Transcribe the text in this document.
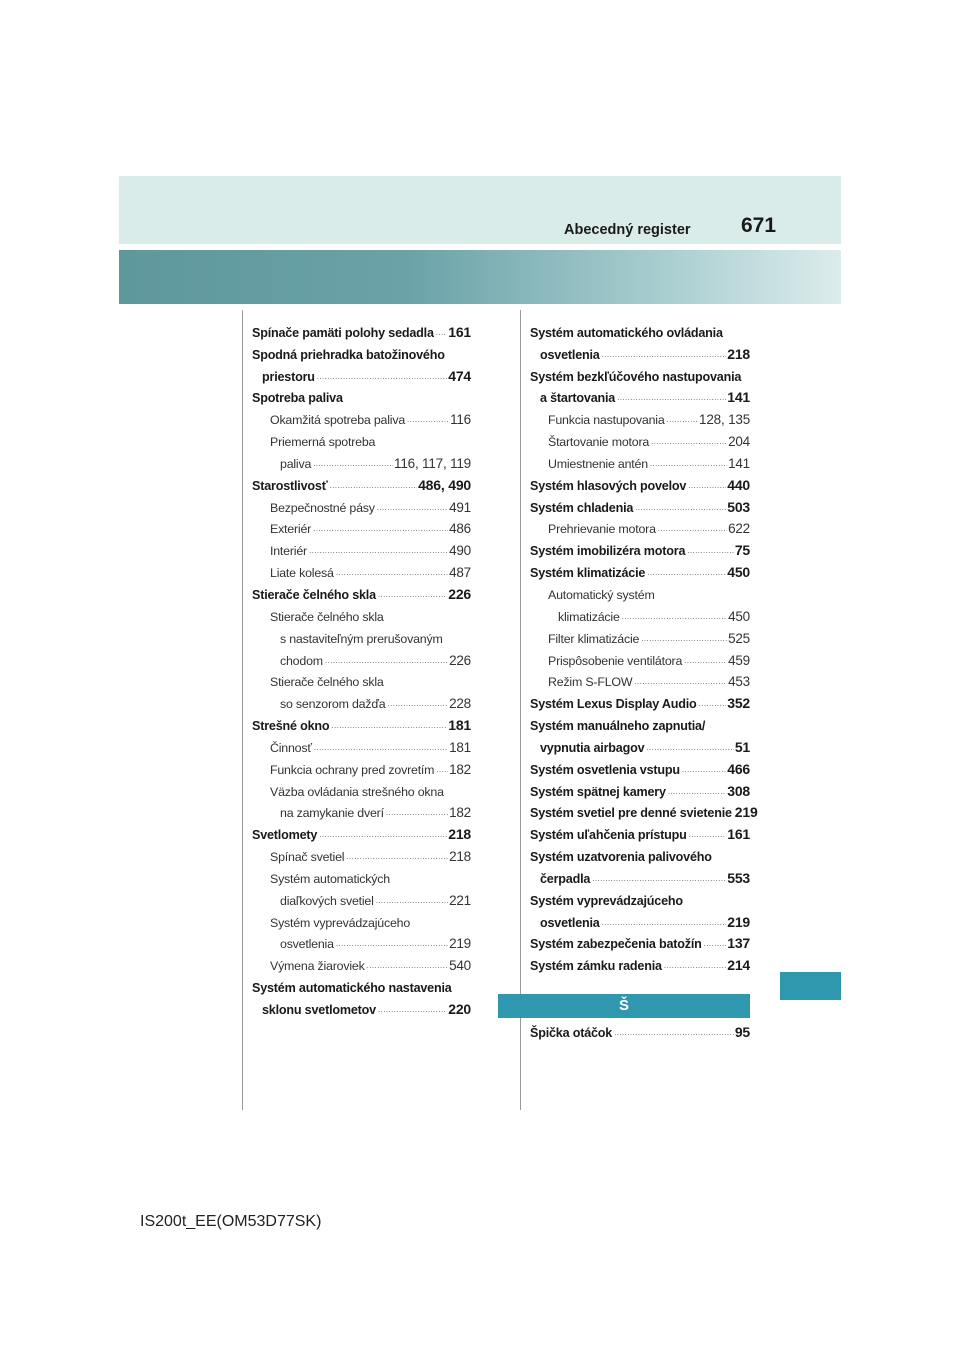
Abecedný register 671
Spínače pamäti polohy sedadla ..... 161
Spodná priehradka batožinového
priestoru .....	474
Spotreba paliva
Okamžitá spotreba paliva .....	116
Priemerná spotreba
paliva .....	116, 117, 119
Starostlivosť .....	486, 490
Bezpečnostné pásy .....	491
Exteriér .....	486
Interiér .....	490
Liate kolesá .....	487
Stierače čelného skla .....	226
Stierače čelného skla
s nastaviteľným prerušovaným
chodom .....	226
Stierače čelného skla
so senzorom dažďa .....	228
Strešné okno .....	181
Činnosť .....	181
Funkcia ochrany pred zovretím ..... 182
Väzba ovládania strešného okna
na zamykanie dverí .....	182
Svetlomety .....	218
Spínač svetiel .....	218
Systém automatických
diaľkových svetiel .....	221
Systém vyprevádzajúceho
osvetlenia .....	219
Výmena žiaroviek .....	540
Systém automatického nastavenia
sklonu svetlometov .....	220
Systém automatického ovládania
osvetlenia .....	218
Systém bezkľúčového nastupovania
a štartovania .....	141
Funkcia nastupovania .....	128, 135
Štartovanie motora .....	204
Umiestnenie antén .....	141
Systém hlasových povelov .....	440
Systém chladenia .....	503
Prehrievanie motora .....	622
Systém imobilizéra motora .....	75
Systém klimatizácie .....	450
Automatický systém
klimatizácie .....	450
Filter klimatizácie .....	525
Prispôsobenie ventilátora .....	459
Režim S-FLOW .....	453
Systém Lexus Display Audio ..... 352
Systém manuálneho zapnutia/
vypnutia airbagov .....	51
Systém osvetlenia vstupu .....	466
Systém spätnej kamery .....	308
Systém svetiel pre denné svietenie 219
Systém uľahčenia prístupu .....	161
Systém uzatvorenia palivového
čerpadla .....	553
Systém vyprevádzajúceho
osvetlenia .....	219
Systém zabezpečenia batožín ..... 137
Systém zámku radenia .....	214
Š
Špička otáčok .....	95
IS200t_EE(OM53D77SK)
